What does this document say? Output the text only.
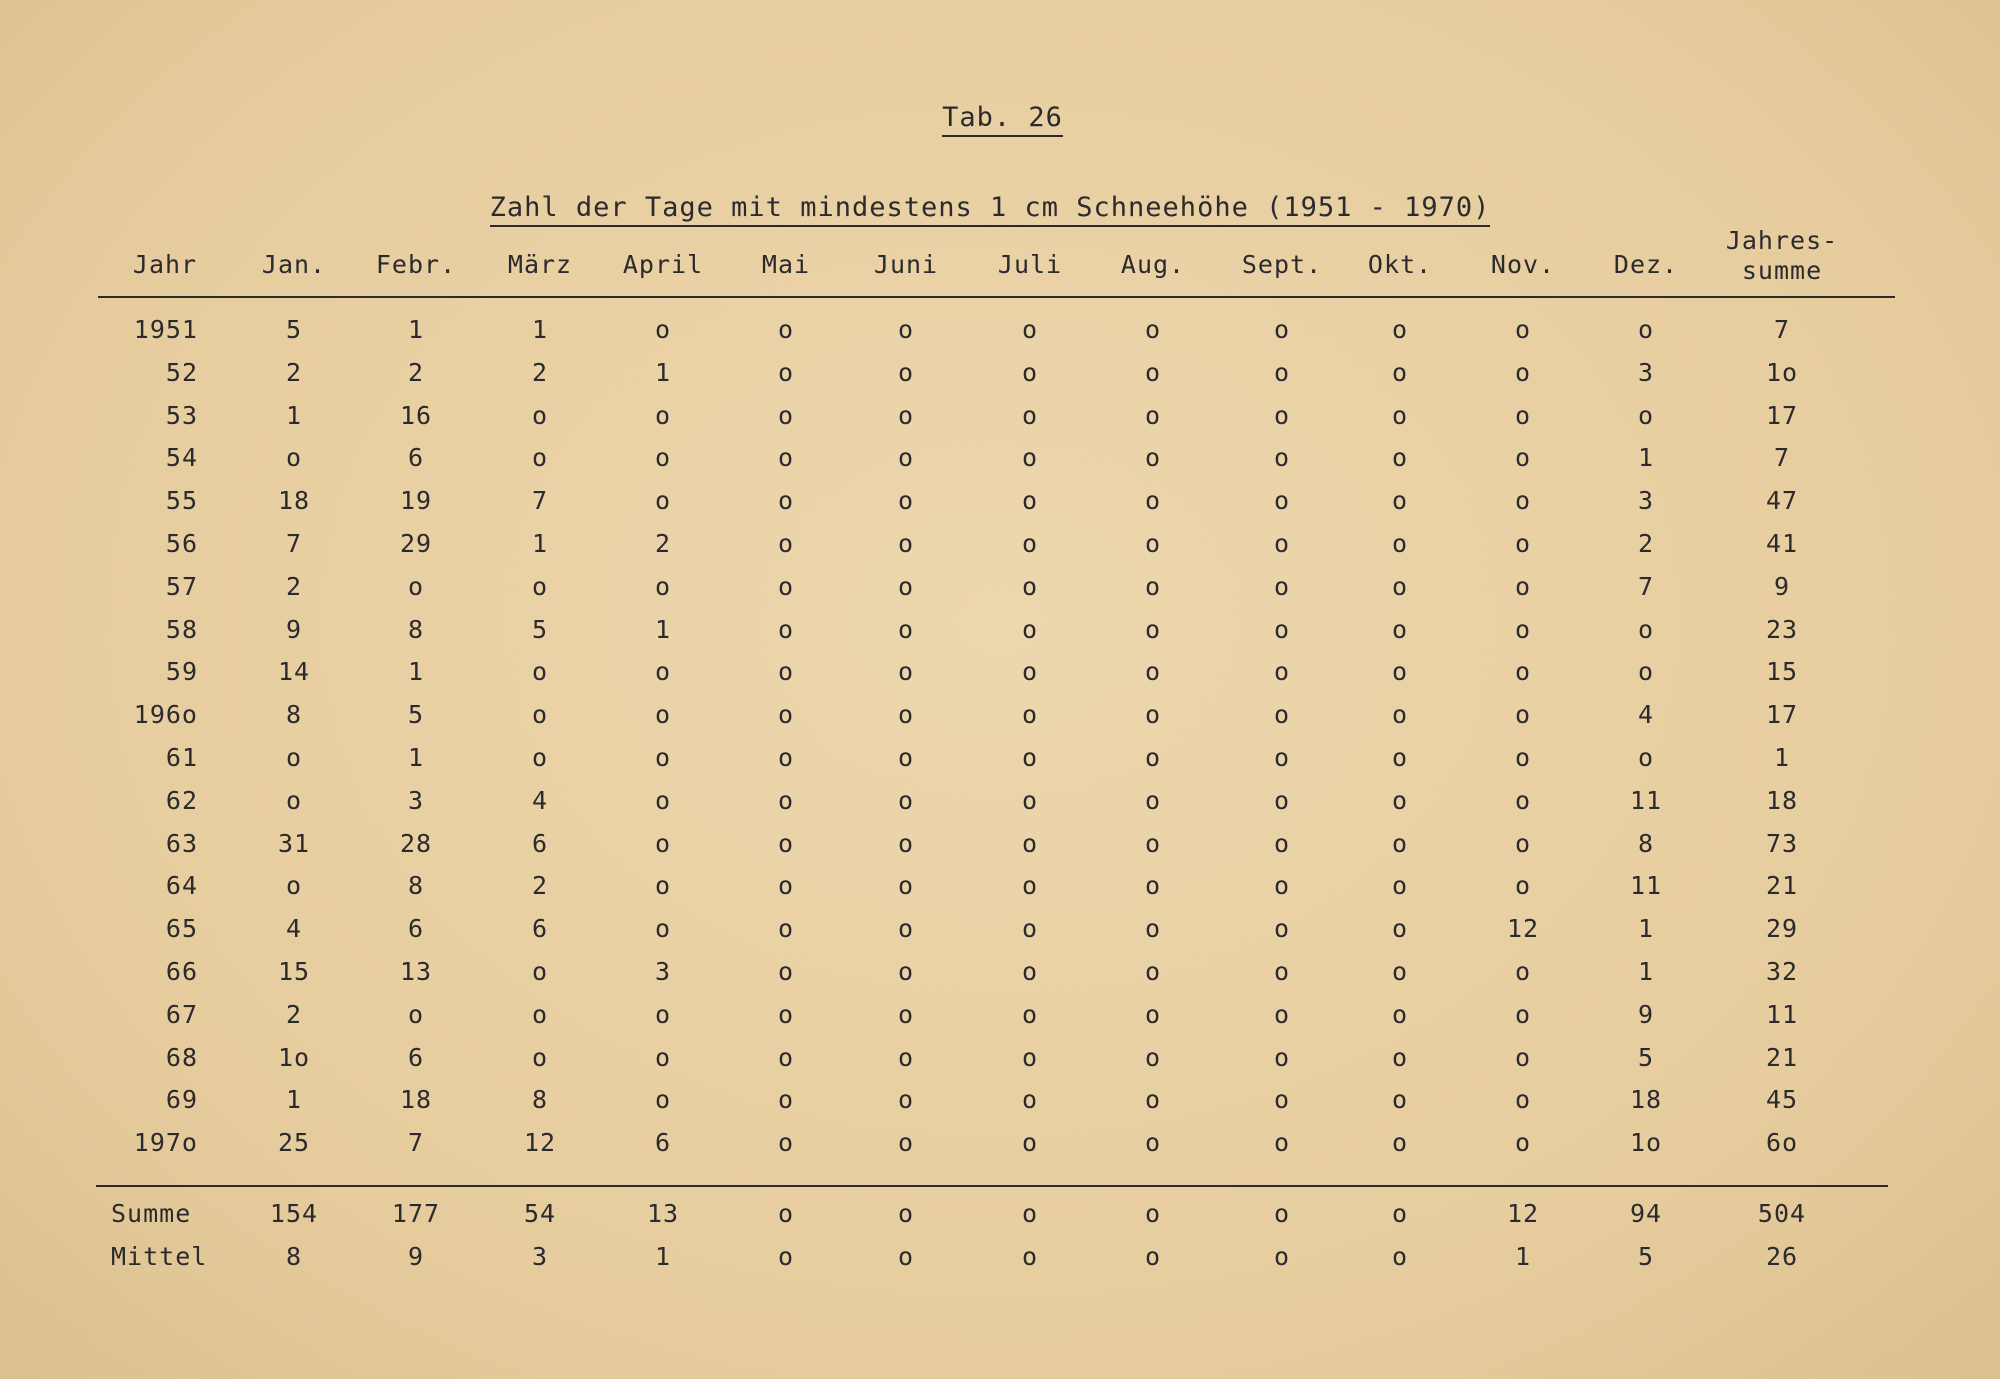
Tab. 26
Zahl der Tage mit mindestens 1 cm Schneehöhe (1951 - 1970)
Jahr	Jan. Febr. März April Mai	Juni Juli Aug. Sept. Okt. Nov. Dez.
Jahres-
summe
1951	5	1	1	o	o	o	o	o	o	o	o	o	7
52	2	2	2	1	o	o	o	o	o	o	o	3	1o
53	1	16	o	o	o	o	o	o	o	o	o	o	17
54	o	6	o	o	o	o	o	o	o	o	o	1	7
55	18	19	7	o	o	o	o	o	o	o	o	3	47
56	7	29	1	2	o	o	o	o	o	o	o	2	41
57	2	o	o	o	o	o	o	o	o	o	o	7	9
58	9	8	5	1	o	o	o	o	o	o	o	o	23
59	14	1	o	o	o	o	o	o	o	o	o	o	15
196o	8	5	o	o	o	o	o	o	o	o	o	4	17
61	o	1	o	o	o	o	o	o	o	o	o	o	1
62	o	3	4	o	o	o	o	o	o	o	o	11	18
63	31	28	6	o	o	o	o	o	o	o	o	8	73
64	o	8	2	o	o	o	o	o	o	o	o	11	21
65	4	6	6	o	o	o	o	o	o	o	12	1	29
66	15	13	o	3	o	o	o	o	o	o	o	1	32
67	2	o	o	o	o	o	o	o	o	o	o	9	11
68	1o	6	o	o	o	o	o	o	o	o	o	5	21
69	1	18	8	o	o	o	o	o	o	o	o	18	45
197o	25	7	12	6	o	o	o	o	o	o	o	1o	6o
Summe	154	177	54	13	o	o	o	o	o	o	12	94	504
Mittel	8	9	3	1	o	o	o	o	o	o	1	5	26
